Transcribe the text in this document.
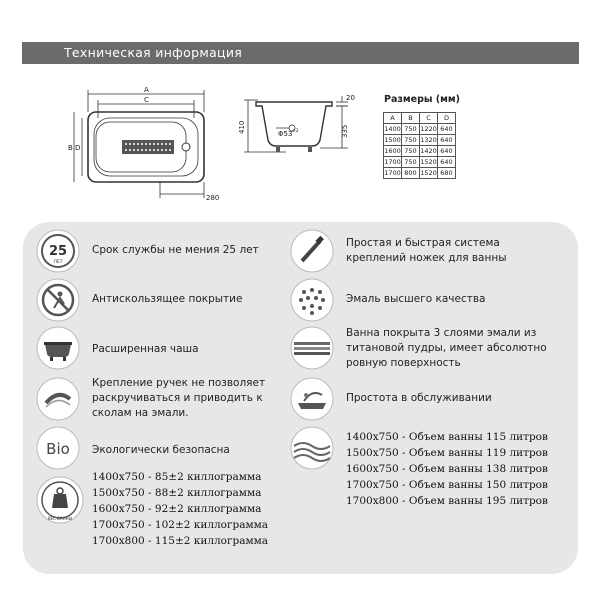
Техническая информация
A
C
B D
280
410
20
335
Φ53 ±2
Размеры (мм)
A	B	C	D
1400	750	1220	640
1500	750	1320	640
1600	750	1420	640
1700	750	1520	640
1700	800	1520	680
25
ЛЕТ
Срок службы не мения 25 лет
Антискользящее покрытие
Расширенная чаша
Крепление ручек не позволяет раскручиваться и приводить к сколам на эмали.
Bio Экологически безопасна
ВЕС ВАННЫ
1400x750 - 85±2 киллограмма
1500x750 - 88±2 киллограмма
1600x750 - 92±2 киллограмма
1700x750 - 102±2 киллограмма
1700x800 - 115±2 киллограмма
Простая и быстрая система креплений ножек для ванны
Эмаль высшего качества
Ванна покрыта 3 слоями эмали из титановой пудры, имеет абсолютно ровную поверхность
Простота в обслуживании
1400x750 - Объем ванны 115 литров
1500x750 - Объем ванны 119 литров
1600x750 - Объем ванны 138 литров
1700x750 - Объем ванны 150 литров
1700x800 - Объем ванны 195 литров
